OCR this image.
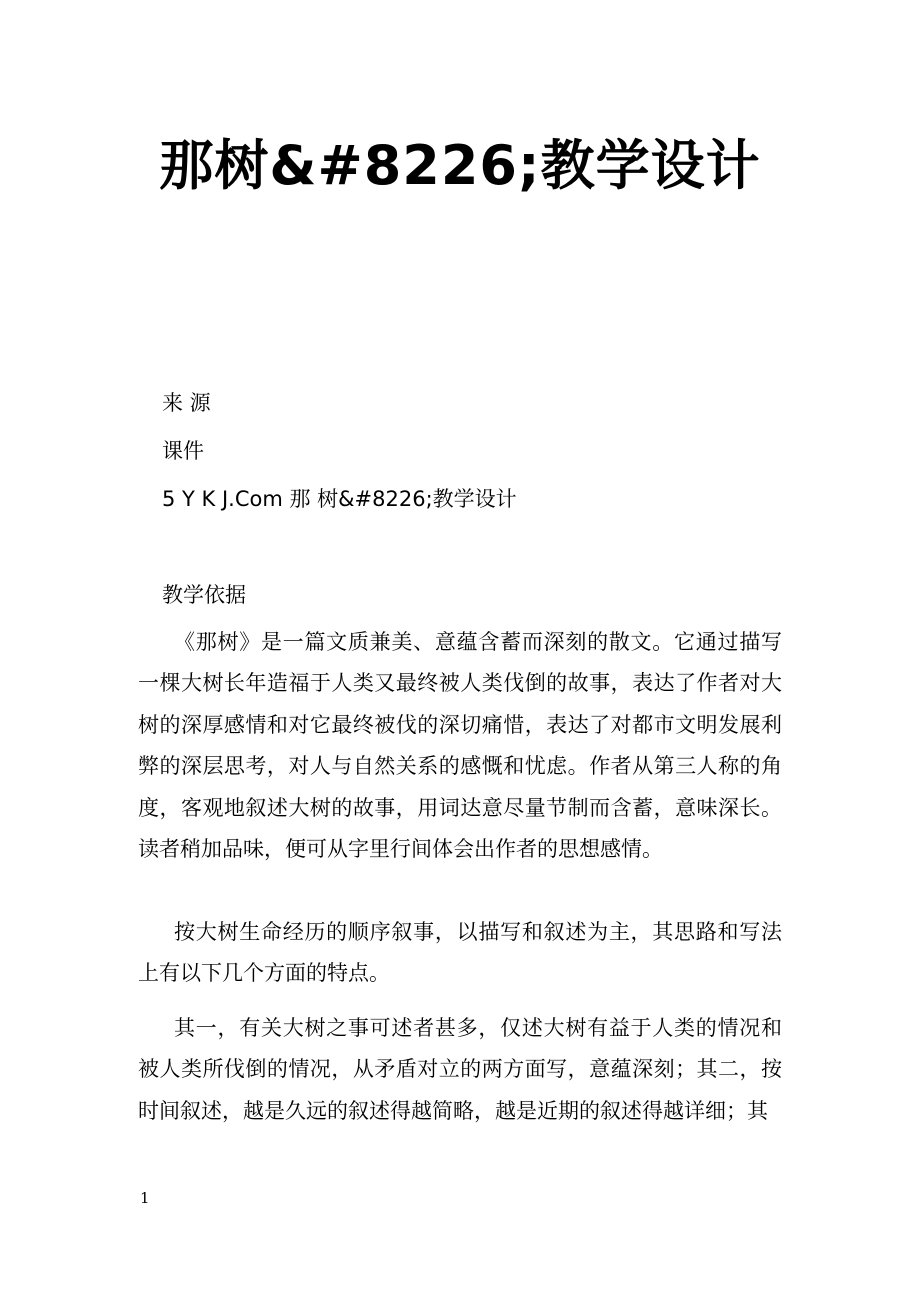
那树&#8226;教学设计
来 源
课件
5 Y K J.Com 那 树&#8226;教学设计
教学依据

《那树》是一篇文质兼美、意蕴含蓄而深刻的散文。它通过描写一棵大树长年造福于人类又最终被人类伐倒的故事，表达了作者对大树的深厚感情和对它最终被伐的深切痛惜，表达了对都市文明发展利弊的深层思考，对人与自然关系的感慨和忧虑。作者从第三人称的角度，客观地叙述大树的故事，用词达意尽量节制而含蓄，意味深长。读者稍加品味，便可从字里行间体会出作者的思想感情。

按大树生命经历的顺序叙事，以描写和叙述为主，其思路和写法上有以下几个方面的特点。

其一，有关大树之事可述者甚多，仅述大树有益于人类的情况和被人类所伐倒的情况，从矛盾对立的两方面写，意蕴深刻；其二，按时间叙述，越是久远的叙述得越简略，越是近期的叙述得越详细；其

1
